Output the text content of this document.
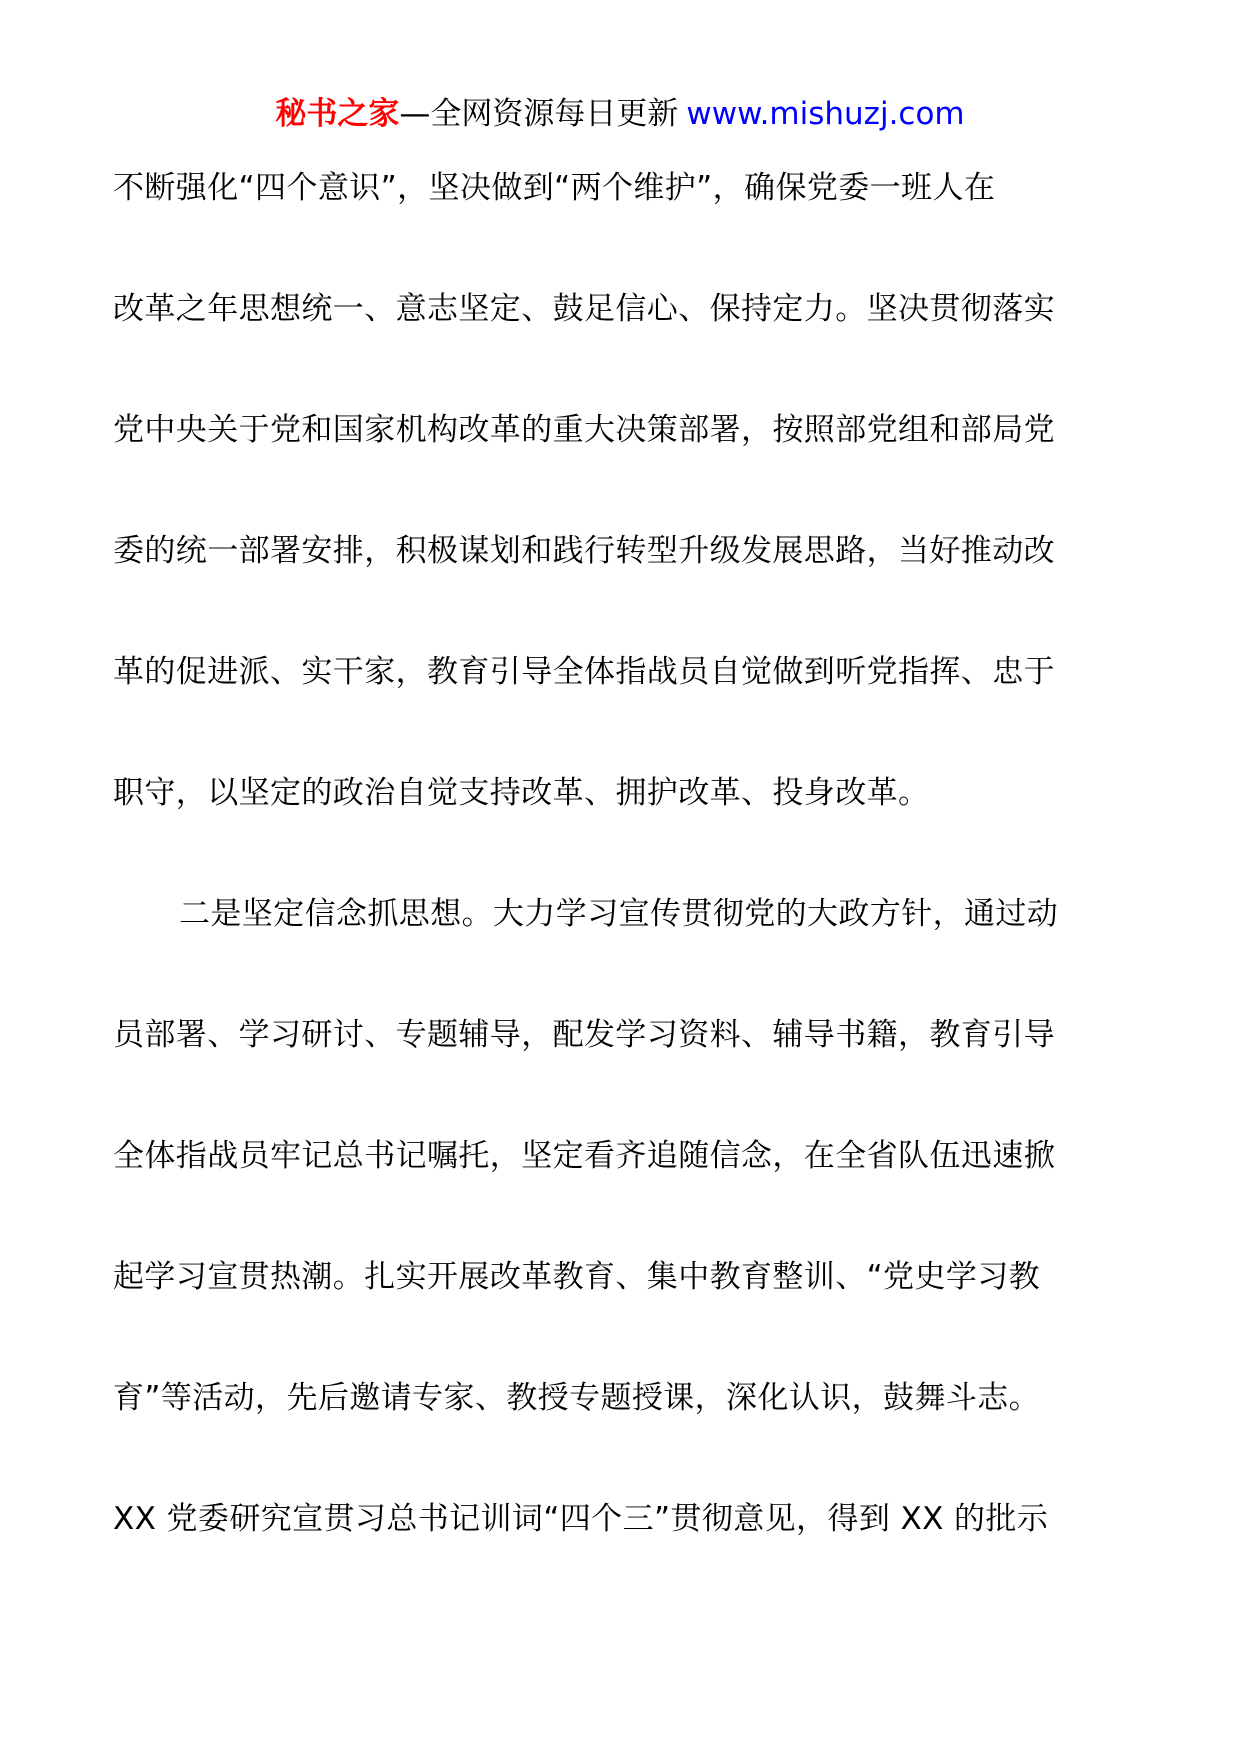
秘书之家—全网资源每日更新 www.mishuzj.com
不断强化“四个意识”，坚决做到“两个维护”，确保党委一班人在
改革之年思想统一、意志坚定、鼓足信心、保持定力。坚决贯彻落实
党中央关于党和国家机构改革的重大决策部署，按照部党组和部局党
委的统一部署安排，积极谋划和践行转型升级发展思路，当好推动改
革的促进派、实干家，教育引导全体指战员自觉做到听党指挥、忠于
职守，以坚定的政治自觉支持改革、拥护改革、投身改革。
二是坚定信念抓思想。大力学习宣传贯彻党的大政方针，通过动
员部署、学习研讨、专题辅导，配发学习资料、辅导书籍，教育引导
全体指战员牢记总书记嘱托，坚定看齐追随信念，在全省队伍迅速掀
起学习宣贯热潮。扎实开展改革教育、集中教育整训、“党史学习教
育”等活动，先后邀请专家、教授专题授课，深化认识，鼓舞斗志。
XX 党委研究宣贯习总书记训词“四个三”贯彻意见，得到 XX 的批示
